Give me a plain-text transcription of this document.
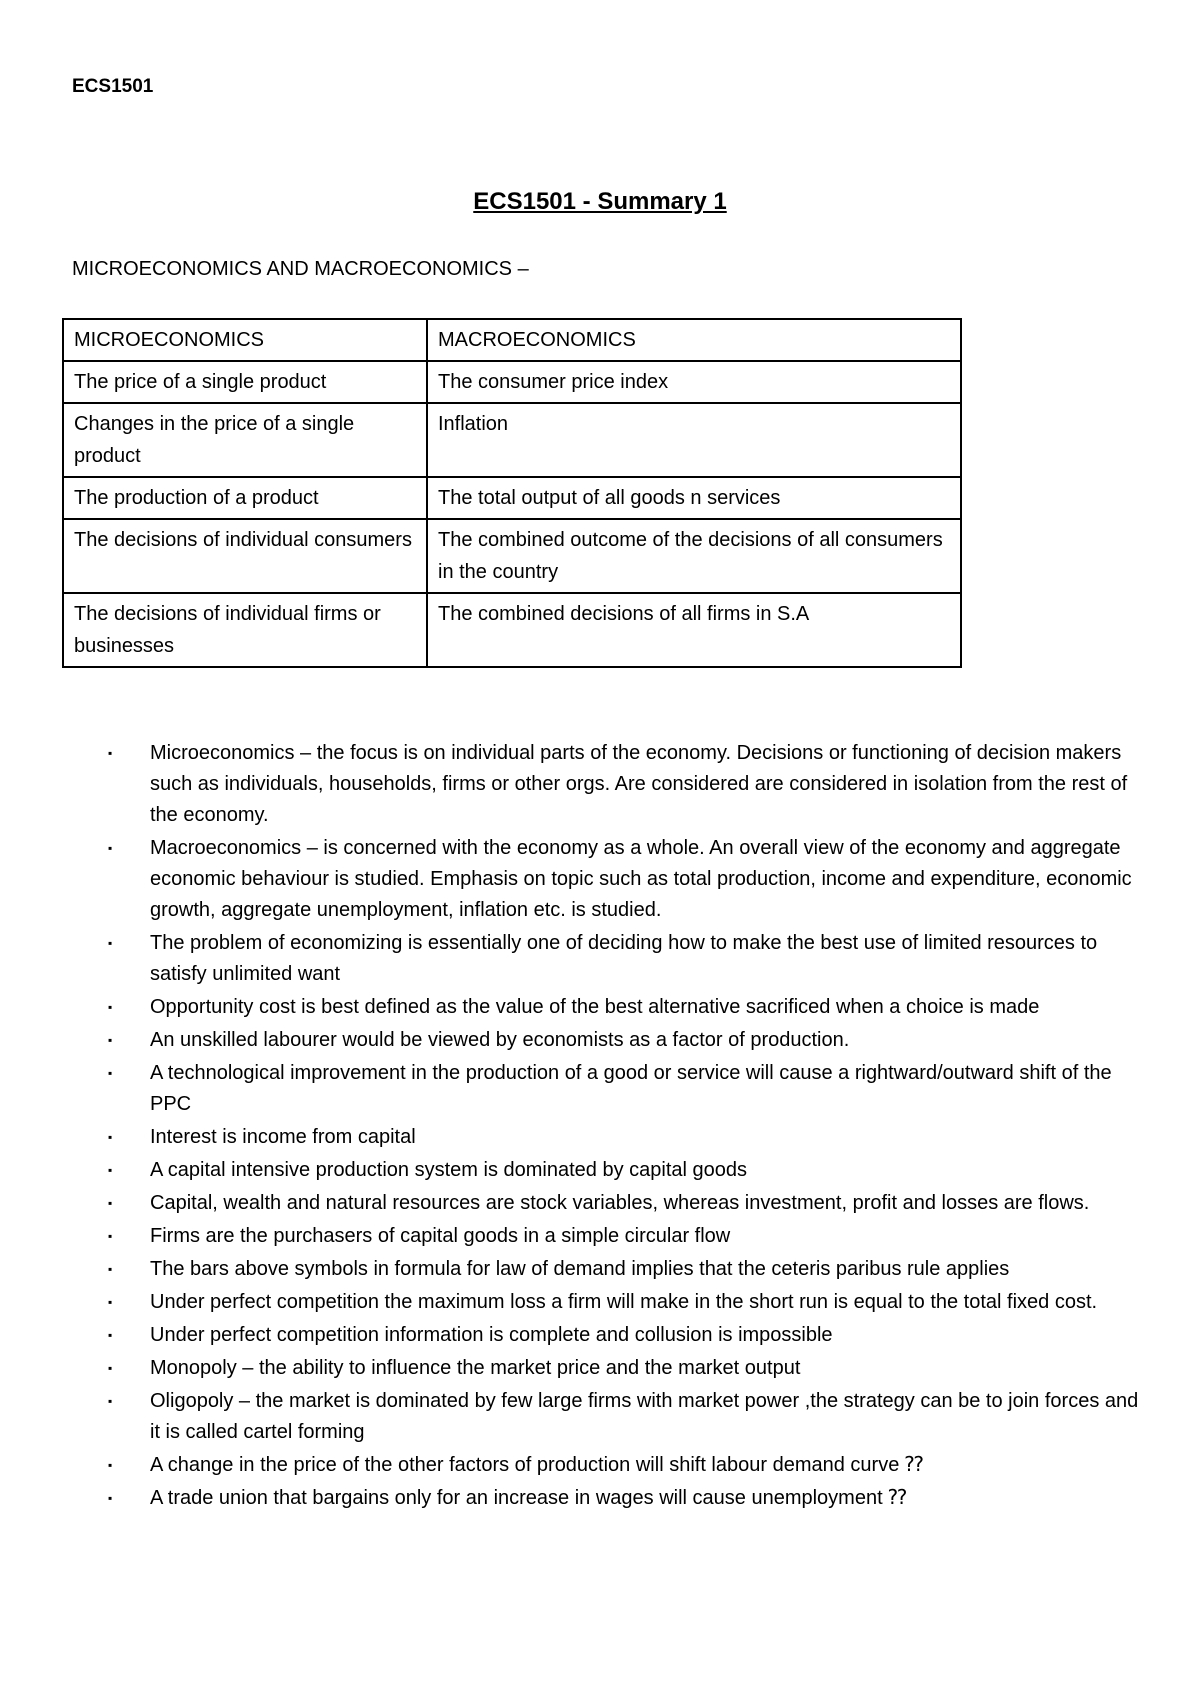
ECS1501
ECS1501 - Summary 1
MICROECONOMICS AND MACROECONOMICS –
MICROECONOMICS	MACROECONOMICS
The price of a single product	The consumer price index
Changes in the price of a single product	Inflation
The production of a product	The total output of all goods n services
The decisions of individual consumers	The combined outcome of the decisions of all consumers in the country
The decisions of individual firms or businesses	The combined decisions of all firms in S.A
▪ Microeconomics – the focus is on individual parts of the economy. Decisions or functioning of decision makers such as individuals, households, firms or other orgs. Are considered are considered in isolation from the rest of the economy.
▪ Macroeconomics – is concerned with the economy as a whole. An overall view of the economy and aggregate economic behaviour is studied. Emphasis on topic such as total production, income and expenditure, economic growth, aggregate unemployment, inflation etc. is studied.
▪ The problem of economizing is essentially one of deciding how to make the best use of limited resources to satisfy unlimited want
▪ Opportunity cost is best defined as the value of the best alternative sacrificed when a choice is made
▪ An unskilled labourer would be viewed by economists as a factor of production.
▪ A technological improvement in the production of a good or service will cause a rightward/outward shift of the PPC
▪ Interest is income from capital
▪ A capital intensive production system is dominated by capital goods
▪ Capital, wealth and natural resources are stock variables, whereas investment, profit and losses are flows.
▪ Firms are the purchasers of capital goods in a simple circular flow
▪ The bars above symbols in formula for law of demand implies that the ceteris paribus rule applies
▪ Under perfect competition the maximum loss a firm will make in the short run is equal to the total fixed cost.
▪ Under perfect competition information is complete and collusion is impossible
▪ Monopoly – the ability to influence the market price and the market output
▪ Oligopoly – the market is dominated by few large firms with market power ,the strategy can be to join forces and it is called cartel forming
▪ A change in the price of the other factors of production will shift labour demand curve ⁇
▪ A trade union that bargains only for an increase in wages will cause unemployment ⁇
